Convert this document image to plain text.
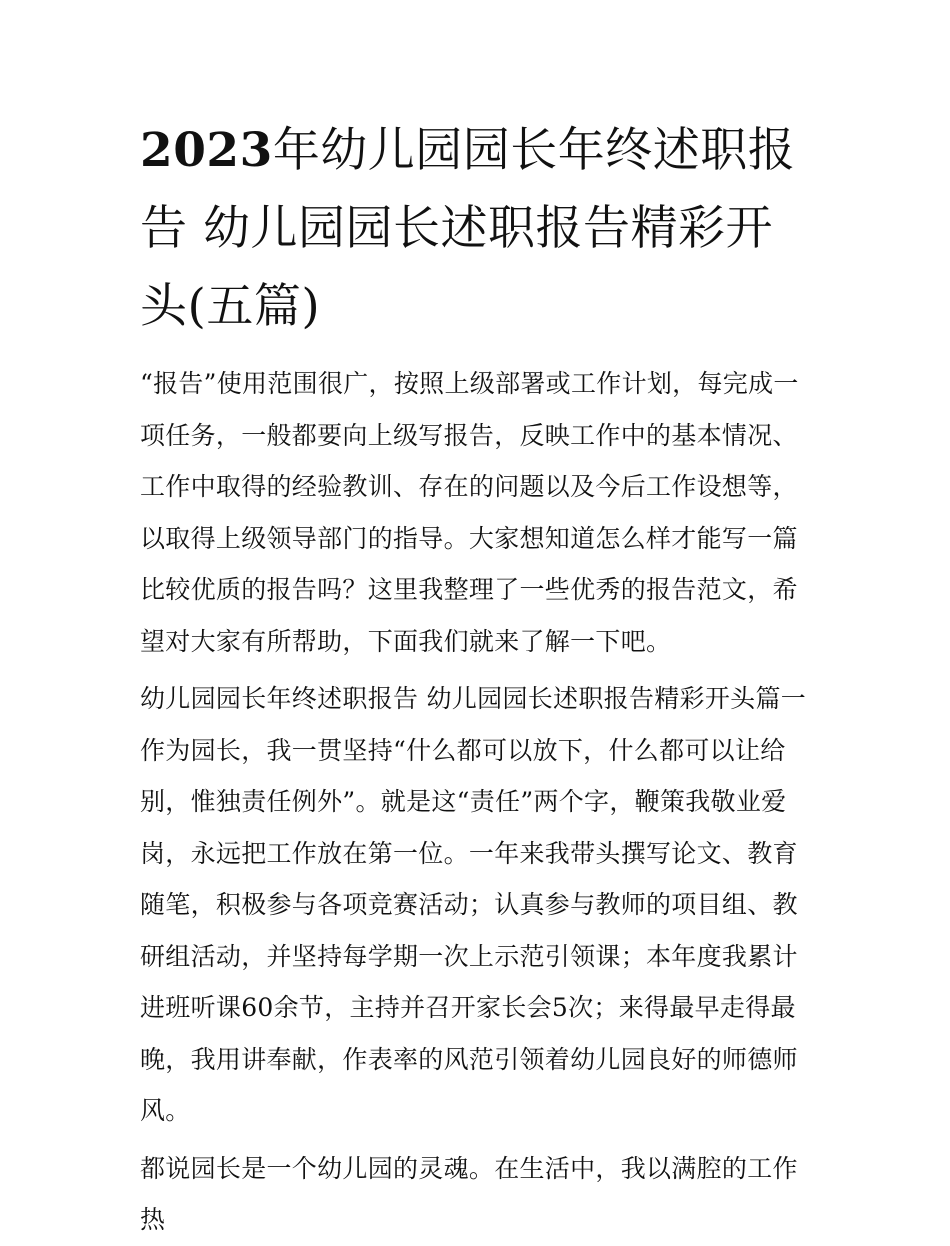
2023年幼儿园园长年终述职报告 幼儿园园长述职报告精彩开头(五篇)

“报告”使用范围很广，按照上级部署或工作计划，每完成一项任务，一般都要向上级写报告，反映工作中的基本情况、工作中取得的经验教训、存在的问题以及今后工作设想等，以取得上级领导部门的指导。大家想知道怎么样才能写一篇比较优质的报告吗？这里我整理了一些优秀的报告范文，希望对大家有所帮助，下面我们就来了解一下吧。

幼儿园园长年终述职报告 幼儿园园长述职报告精彩开头篇一

作为园长，我一贯坚持“什么都可以放下，什么都可以让给别，惟独责任例外”。就是这“责任”两个字，鞭策我敬业爱岗，永远把工作放在第一位。一年来我带头撰写论文、教育随笔，积极参与各项竞赛活动；认真参与教师的项目组、教研组活动，并坚持每学期一次上示范引领课；本年度我累计进班听课60余节，主持并召开家长会5次；来得最早走得最晚，我用讲奉献，作表率的风范引领着幼儿园良好的师德师风。

都说园长是一个幼儿园的灵魂。在生活中，我以满腔的工作热
